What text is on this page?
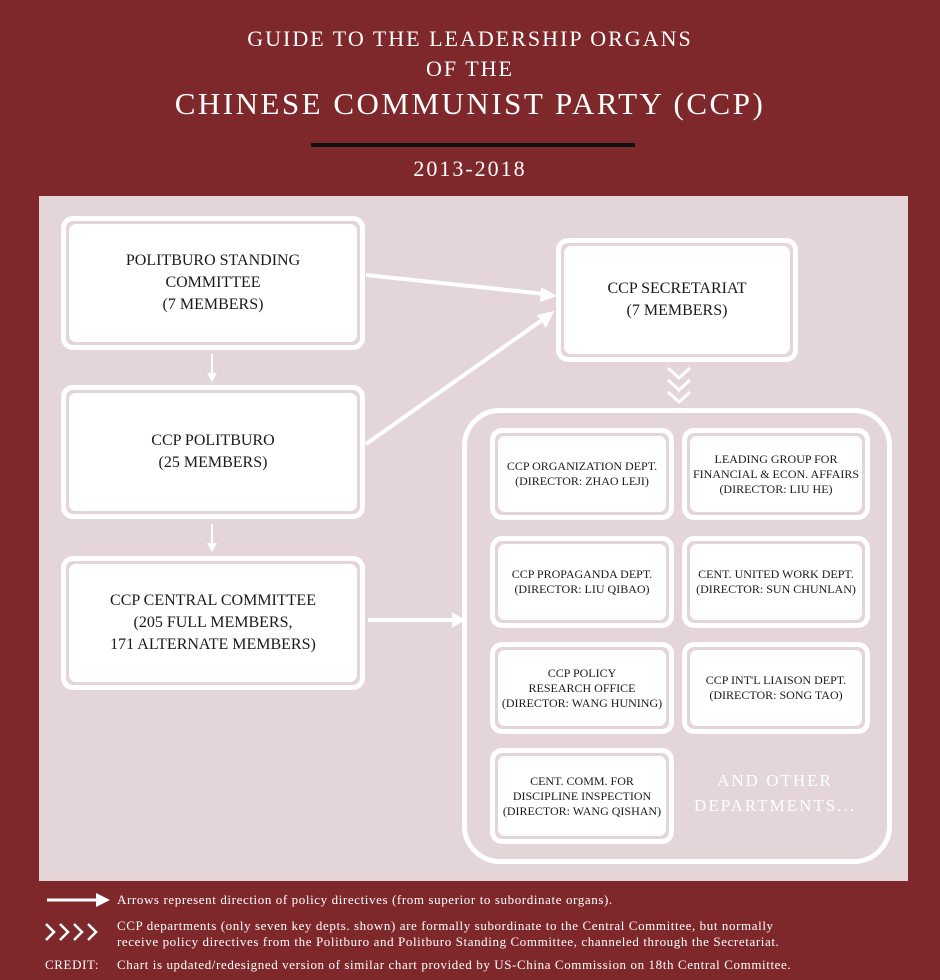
GUIDE TO THE LEADERSHIP ORGANS
OF THE
CHINESE COMMUNIST PARTY (CCP)
2013-2018
POLITBURO STANDING
COMMITTEE
(7 MEMBERS)
CCP POLITBURO
(25 MEMBERS)
CCP CENTRAL COMMITTEE
(205 FULL MEMBERS,
171 ALTERNATE MEMBERS)
CCP SECRETARIAT
(7 MEMBERS)
CCP ORGANIZATION DEPT.
(DIRECTOR: ZHAO LEJI)
LEADING GROUP FOR
FINANCIAL & ECON. AFFAIRS
(DIRECTOR: LIU HE)
CCP PROPAGANDA DEPT.
(DIRECTOR: LIU QIBAO)
CENT. UNITED WORK DEPT.
(DIRECTOR: SUN CHUNLAN)
CCP POLICY
RESEARCH OFFICE
(DIRECTOR: WANG HUNING)
CCP INT'L LIAISON DEPT.
(DIRECTOR: SONG TAO)
CENT. COMM. FOR
DISCIPLINE INSPECTION
(DIRECTOR: WANG QISHAN)
AND OTHER
DEPARTMENTS...
Arrows represent direction of policy directives (from superior to subordinate organs).
CCP departments (only seven key depts. shown) are formally subordinate to the Central Committee, but normally
receive policy directives from the Politburo and Politburo Standing Committee, channeled through the Secretariat.
CREDIT: Chart is updated/redesigned version of similar chart provided by US-China Commission on 18th Central Committee.
